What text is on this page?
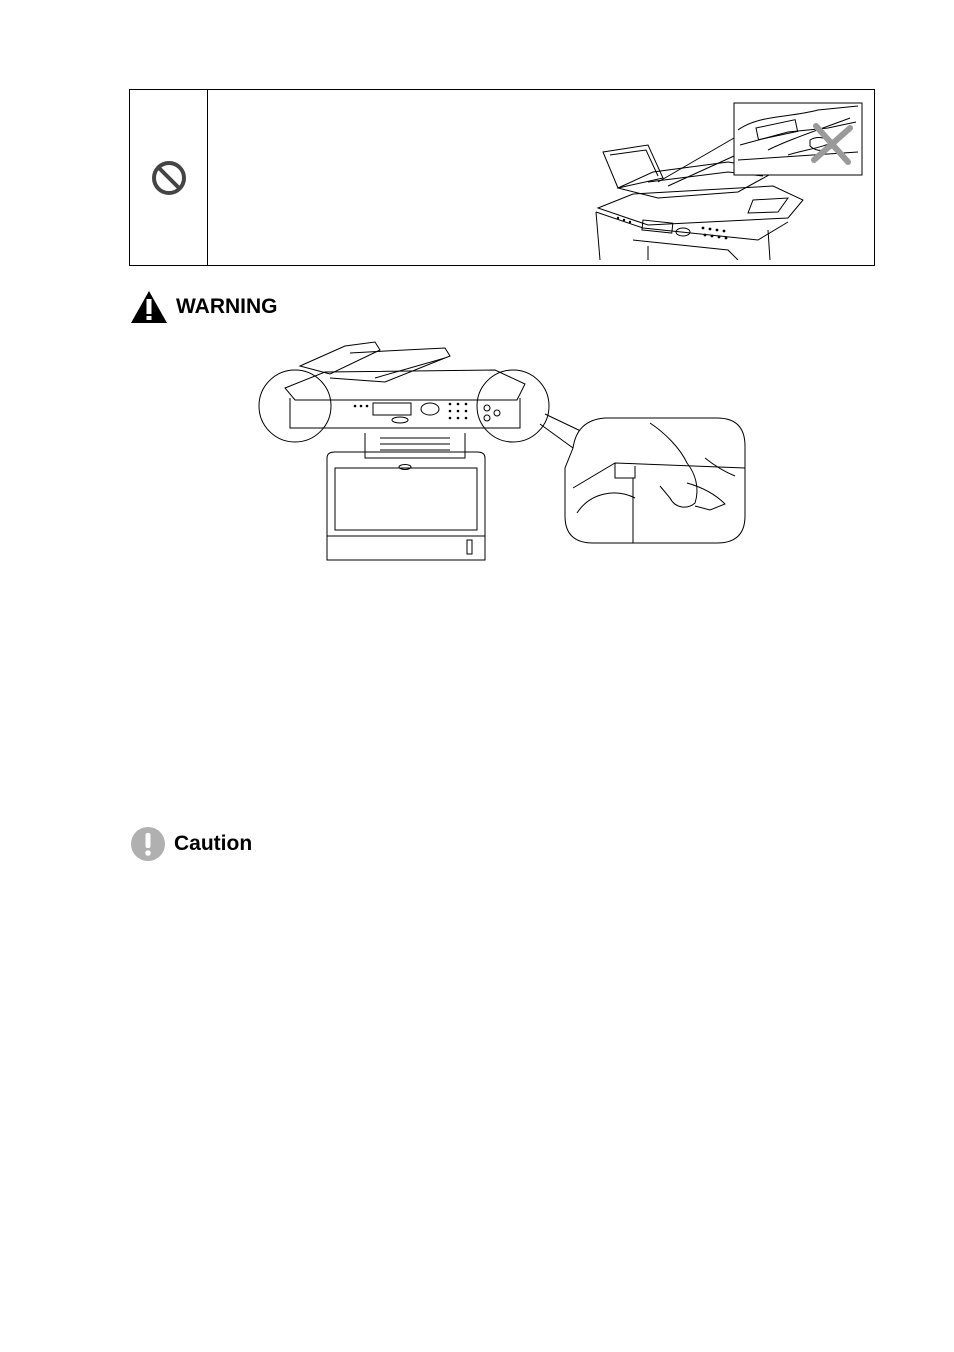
WARNING
Caution
